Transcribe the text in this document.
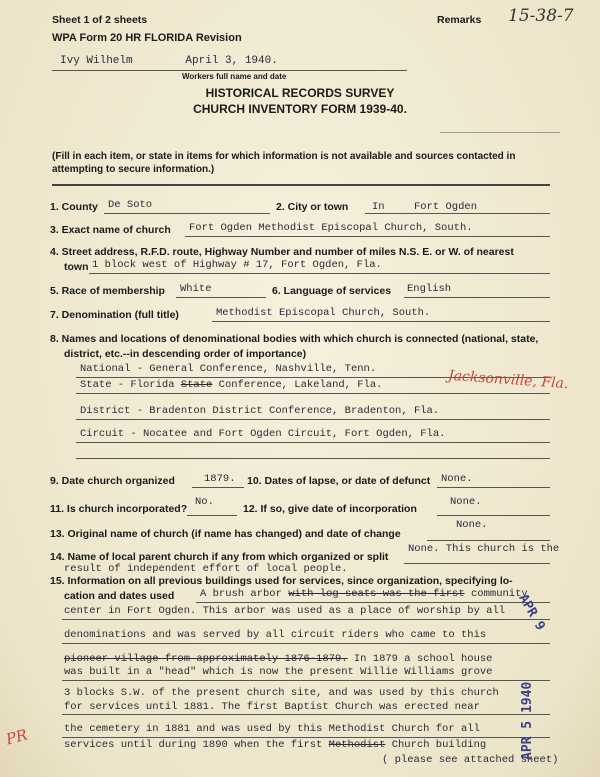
Sheet 1 of 2 sheets
WPA Form 20 HR FLORIDA Revision
Remarks 15-38-7
Ivy Wilhelm        April 3, 1940.
Workers full name and date
HISTORICAL RECORDS SURVEY
CHURCH INVENTORY FORM 1939-40.
(Fill in each item, or state in items for which information is not available and sources contacted in
attempting to secure information.)
1. County De Soto	2. City or town In	Fort Ogden
3. Exact name of church Fort Ogden Methodist Episcopal Church, South.
4. Street address, R.F.D. route, Highway Number and number of miles N.S. E. or W. of nearest
town 1 block west of Highway # 17, Fort Ogden, Fla.
5. Race of membership White	6. Language of services English
7. Denomination (full title)	Methodist Episcopal Church, South.
8. Names and locations of denominational bodies with which church is connected (national, state,
district, etc.--in descending order of importance)
National - General Conference, Nashville, Tenn.
State - Florida State Conference, Lakeland, Fla.	Jacksonville, Fla.
District - Bradenton District Conference, Bradenton, Fla.
Circuit - Nocatee and Fort Ogden Circuit, Fort Ogden, Fla.
9. Date church organized	1879. 10. Dates of lapse, or date of defunct None.
11. Is church incorporated?
No.
12. If so, give date of incorporation
None.
13. Original name of church (if name has changed) and date of change
None.
14. Name of local parent church if any from which organized or split
None. This church is the
result of independent effort of local people.
15. Information on all previous buildings used for services, since organization, specifying lo-
cation and dates used A brush arbor with log seats was the first community
center in Fort Ogden. This arbor was used as a place of worship by all
denominations and was served by all circuit riders who came to this
pioneer village from approximately 1876-1879. In 1879 a school house
was built in a "head" which is now the present Willie Williams grove
3 blocks S.W. of the present church site, and was used by this church
for services until 1881. The first Baptist Church was erected near
the cemetery in 1881 and was used by this Methodist Church for all
services until during 1890 when the first Methodist Church building
( please see attached sheet)
APR 9
APR 5 1940
PR
